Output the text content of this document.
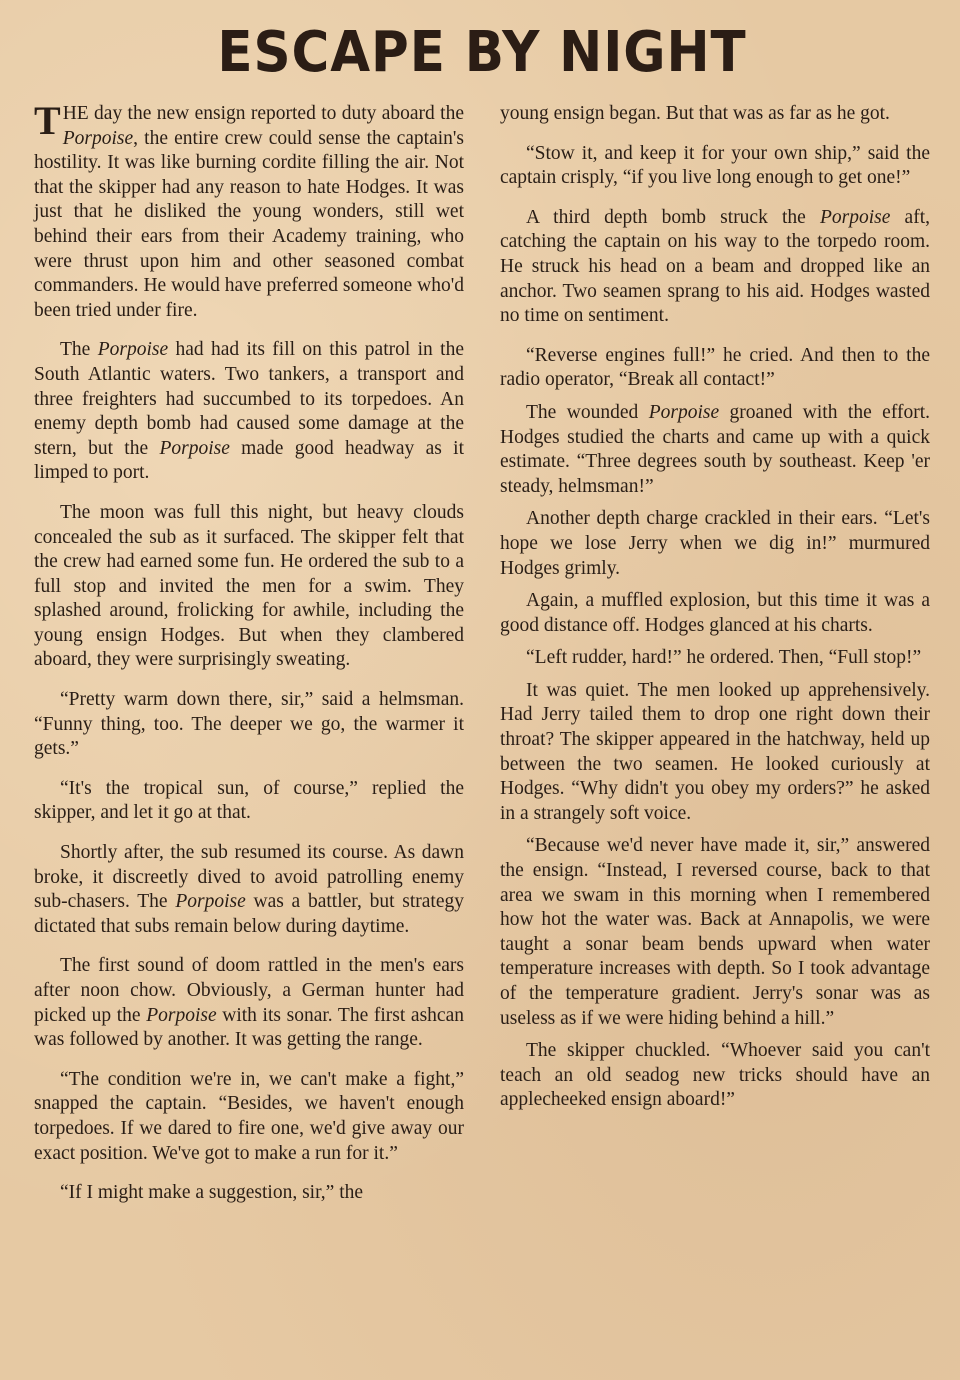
ESCAPE BY NIGHT

THE day the new ensign reported to duty aboard the Porpoise, the entire crew could sense the captain's hostility. It was like burning cordite filling the air. Not that the skipper had any reason to hate Hodges. It was just that he disliked the young wonders, still wet behind their ears from their Academy training, who were thrust upon him and other seasoned combat commanders. He would have preferred someone who'd been tried under fire.

The Porpoise had had its fill on this patrol in the South Atlantic waters. Two tankers, a transport and three freighters had succumbed to its torpedoes. An enemy depth bomb had caused some damage at the stern, but the Porpoise made good headway as it limped to port.

The moon was full this night, but heavy clouds concealed the sub as it surfaced. The skipper felt that the crew had earned some fun. He ordered the sub to a full stop and invited the men for a swim. They splashed around, frolicking for awhile, including the young ensign Hodges. But when they clambered aboard, they were surprisingly sweating.

“Pretty warm down there, sir,” said a helmsman. “Funny thing, too. The deeper we go, the warmer it gets.”

“It's the tropical sun, of course,” replied the skipper, and let it go at that.

Shortly after, the sub resumed its course. As dawn broke, it discreetly dived to avoid patrolling enemy sub-chasers. The Porpoise was a battler, but strategy dictated that subs remain below during daytime.

The first sound of doom rattled in the men's ears after noon chow. Obviously, a German hunter had picked up the Porpoise with its sonar. The first ashcan was followed by another. It was getting the range.

“The condition we're in, we can't make a fight,” snapped the captain. “Besides, we haven't enough torpedoes. If we dared to fire one, we'd give away our exact position. We've got to make a run for it.”

“If I might make a suggestion, sir,” the

young ensign began. But that was as far as he got.

“Stow it, and keep it for your own ship,” said the captain crisply, “if you live long enough to get one!”

A third depth bomb struck the Porpoise aft, catching the captain on his way to the torpedo room. He struck his head on a beam and dropped like an anchor. Two seamen sprang to his aid. Hodges wasted no time on sentiment.

“Reverse engines full!” he cried. And then to the radio operator, “Break all contact!”

The wounded Porpoise groaned with the effort. Hodges studied the charts and came up with a quick estimate. “Three degrees south by southeast. Keep 'er steady, helmsman!”

Another depth charge crackled in their ears. “Let's hope we lose Jerry when we dig in!” murmured Hodges grimly.

Again, a muffled explosion, but this time it was a good distance off. Hodges glanced at his charts.

“Left rudder, hard!” he ordered. Then, “Full stop!”

It was quiet. The men looked up apprehensively. Had Jerry tailed them to drop one right down their throat? The skipper appeared in the hatchway, held up between the two seamen. He looked curiously at Hodges. “Why didn't you obey my orders?” he asked in a strangely soft voice.

“Because we'd never have made it, sir,” answered the ensign. “Instead, I reversed course, back to that area we swam in this morning when I remembered how hot the water was. Back at Annapolis, we were taught a sonar beam bends upward when water temperature increases with depth. So I took advantage of the temperature gradient. Jerry's sonar was as useless as if we were hiding behind a hill.”

The skipper chuckled. “Whoever said you can't teach an old seadog new tricks should have an applecheeked ensign aboard!”
